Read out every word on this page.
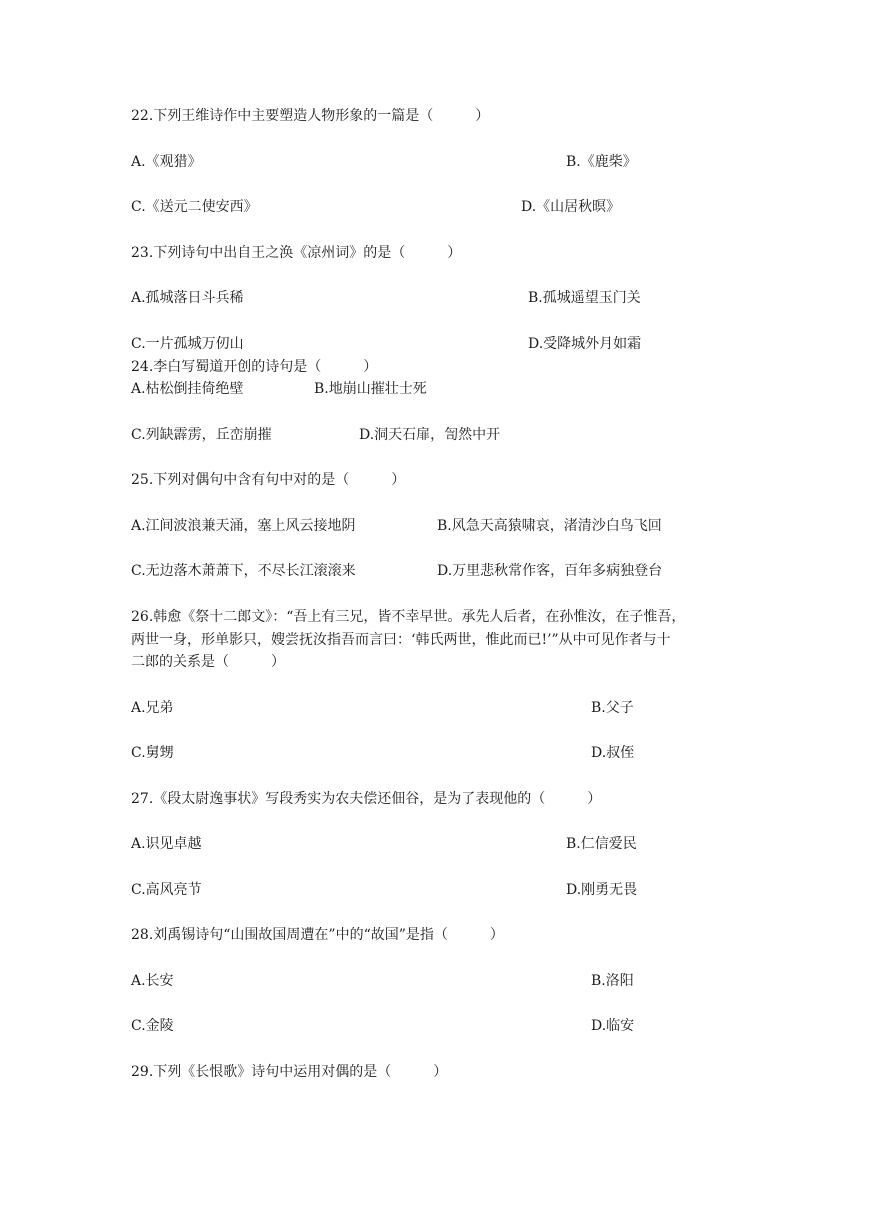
22.下列王维诗作中主要塑造人物形象的一篇是（　　　）
A.《观猎》	B.《鹿柴》
C.《送元二使安西》	D.《山居秋暝》
23.下列诗句中出自王之涣《凉州词》的是（　　　）
A.孤城落日斗兵稀	B.孤城遥望玉门关
C.一片孤城万仞山	D.受降城外月如霜
24.李白写蜀道开创的诗句是（　　　）
A.枯松倒挂倚绝壁	B.地崩山摧壮士死
C.列缺霹雳，丘峦崩摧	D.洞天石扉，訇然中开
25.下列对偶句中含有句中对的是（　　　）
A.江间波浪兼天涌，塞上风云接地阴	B.风急天高猿啸哀，渚清沙白鸟飞回
C.无边落木萧萧下，不尽长江滚滚来	D.万里悲秋常作客，百年多病独登台
26.韩愈《祭十二郎文》：“吾上有三兄，皆不幸早世。承先人后者，在孙惟汝，在子惟吾，
两世一身，形单影只，嫂尝抚汝指吾而言曰：‘韩氏两世，惟此而已!’”从中可见作者与十
二郎的关系是（　　　）
A.兄弟	B.父子
C.舅甥	D.叔侄
27.《段太尉逸事状》写段秀实为农夫偿还佃谷，是为了表现他的（　　　）
A.识见卓越	B.仁信爱民
C.高风亮节	D.刚勇无畏
28.刘禹锡诗句“山围故国周遭在”中的“故国”是指（　　　）
A.长安	B.洛阳
C.金陵	D.临安
29.下列《长恨歌》诗句中运用对偶的是（　　　）
